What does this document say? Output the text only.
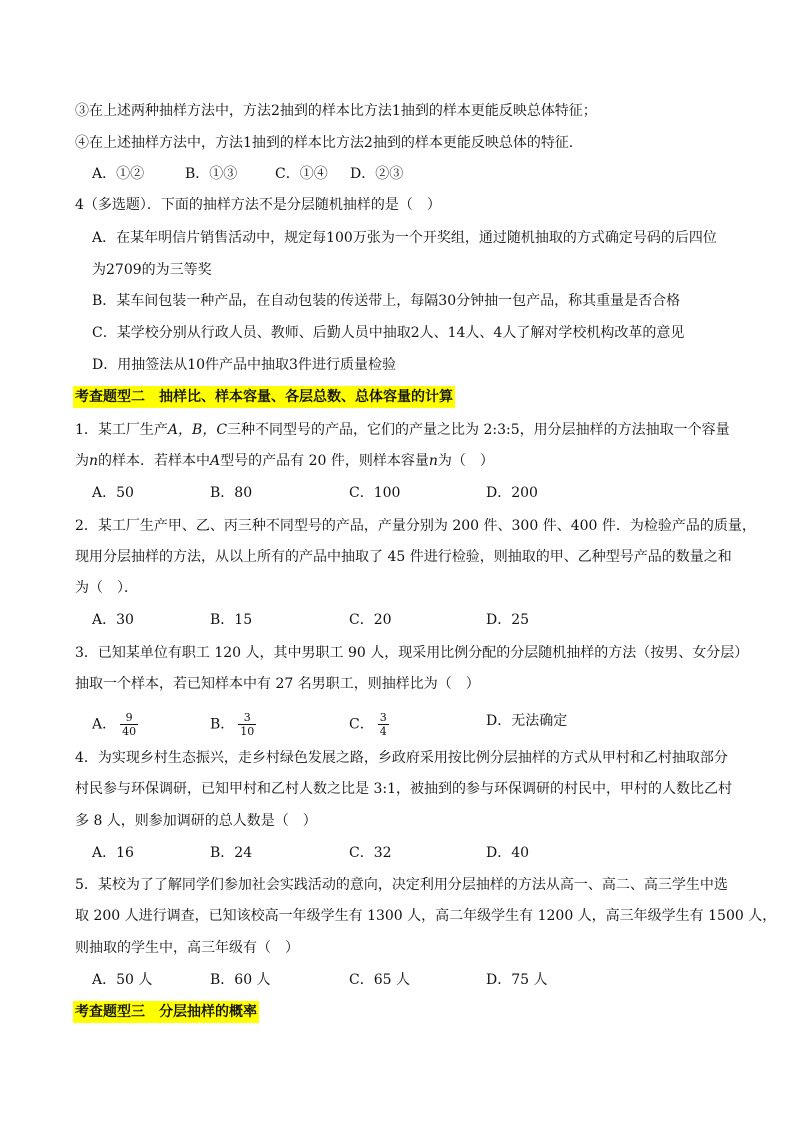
③在上述两种抽样方法中，方法2抽到的样本比方法1抽到的样本更能反映总体特征；
④在上述抽样方法中，方法1抽到的样本比方法2抽到的样本更能反映总体的特征．
A．①②	B．①③	C．①④ D．②③
4（多选题）．下面的抽样方法不是分层随机抽样的是（　）
A．在某年明信片销售活动中，规定每100万张为一个开奖组，通过随机抽取的方式确定号码的后四位
为2709的为三等奖
B．某车间包装一种产品，在自动包装的传送带上，每隔30分钟抽一包产品，称其重量是否合格
C．某学校分别从行政人员、教师、后勤人员中抽取2人、14人、4人了解对学校机构改革的意见
D．用抽签法从10件产品中抽取3件进行质量检验
考查题型二　抽样比、样本容量、各层总数、总体容量的计算
1．某工厂生产A，B，C三种不同型号的产品，它们的产量之比为 2:3:5，用分层抽样的方法抽取一个容量
为n的样本．若样本中A型号的产品有 20 件，则样本容量n为（　）
A．50	B．80	C．100	D．200
2．某工厂生产甲、乙、丙三种不同型号的产品，产量分别为 200 件、300 件、400 件．为检验产品的质量，
现用分层抽样的方法，从以上所有的产品中抽取了 45 件进行检验，则抽取的甲、乙种型号产品的数量之和
为（　）．
A．30	B．15	C．20	D．25
3．已知某单位有职工 120 人，其中男职工 90 人，现采用比例分配的分层随机抽样的方法（按男、女分层）
抽取一个样本，若已知样本中有 27 名男职工，则抽样比为（　）
A． $\frac{9}{40}$	B． $\frac{3}{10}$	C． $\frac{3}{4}$	D．无法确定
4．为实现乡村生态振兴，走乡村绿色发展之路，乡政府采用按比例分层抽样的方式从甲村和乙村抽取部分
村民参与环保调研，已知甲村和乙村人数之比是 3:1，被抽到的参与环保调研的村民中，甲村的人数比乙村
多 8 人，则参加调研的总人数是（　）
A．16	B．24	C．32	D．40
5．某校为了了解同学们参加社会实践活动的意向，决定利用分层抽样的方法从高一、高二、高三学生中选
取 200 人进行调查，已知该校高一年级学生有 1300 人，高二年级学生有 1200 人，高三年级学生有 1500 人，
则抽取的学生中，高三年级有（　）
A．50 人	B．60 人	C．65 人	D．75 人
考查题型三　分层抽样的概率
